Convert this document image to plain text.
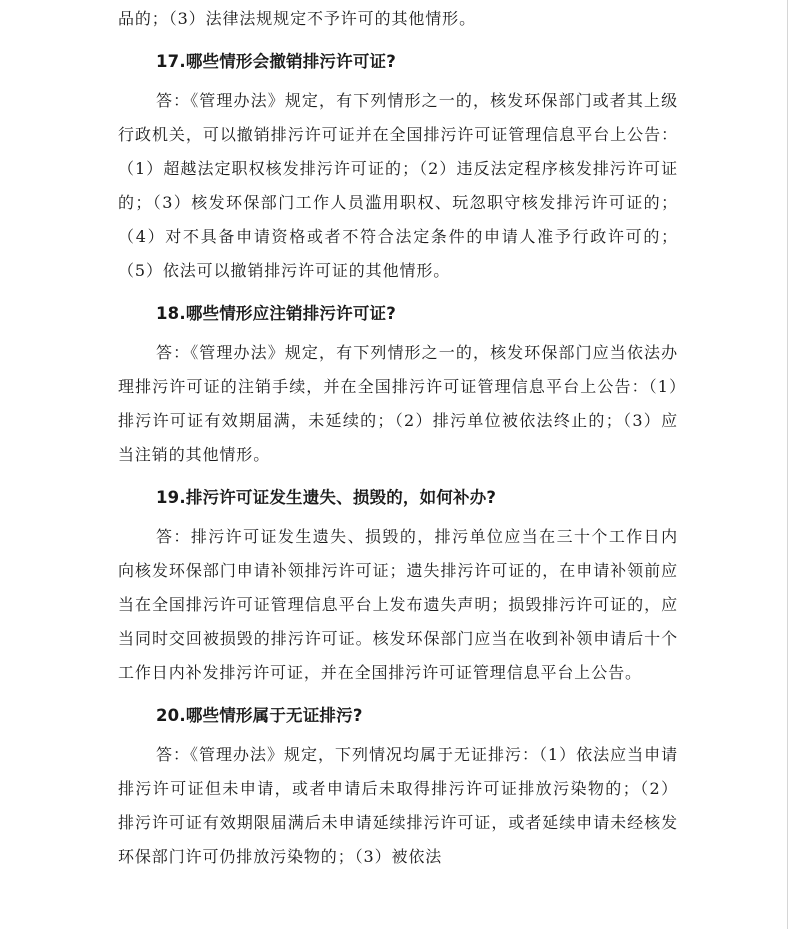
品的；（3）法律法规规定不予许可的其他情形。

17.哪些情形会撤销排污许可证?

答：《管理办法》规定，有下列情形之一的，核发环保部门或者其上级行政机关，可以撤销排污许可证并在全国排污许可证管理信息平台上公告：（1）超越法定职权核发排污许可证的；（2）违反法定程序核发排污许可证的；（3）核发环保部门工作人员滥用职权、玩忽职守核发排污许可证的；（4）对不具备申请资格或者不符合法定条件的申请人准予行政许可的；（5）依法可以撤销排污许可证的其他情形。

18.哪些情形应注销排污许可证?

答：《管理办法》规定，有下列情形之一的，核发环保部门应当依法办理排污许可证的注销手续，并在全国排污许可证管理信息平台上公告：（1）排污许可证有效期届满，未延续的；（2）排污单位被依法终止的；（3）应当注销的其他情形。

19.排污许可证发生遗失、损毁的，如何补办?

答：排污许可证发生遗失、损毁的，排污单位应当在三十个工作日内向核发环保部门申请补领排污许可证；遗失排污许可证的，在申请补领前应当在全国排污许可证管理信息平台上发布遗失声明；损毁排污许可证的，应当同时交回被损毁的排污许可证。核发环保部门应当在收到补领申请后十个工作日内补发排污许可证，并在全国排污许可证管理信息平台上公告。

20.哪些情形属于无证排污?

答：《管理办法》规定，下列情况均属于无证排污：（1）依法应当申请排污许可证但未申请，或者申请后未取得排污许可证排放污染物的；（2）排污许可证有效期限届满后未申请延续排污许可证，或者延续申请未经核发环保部门许可仍排放污染物的；（3）被依法
